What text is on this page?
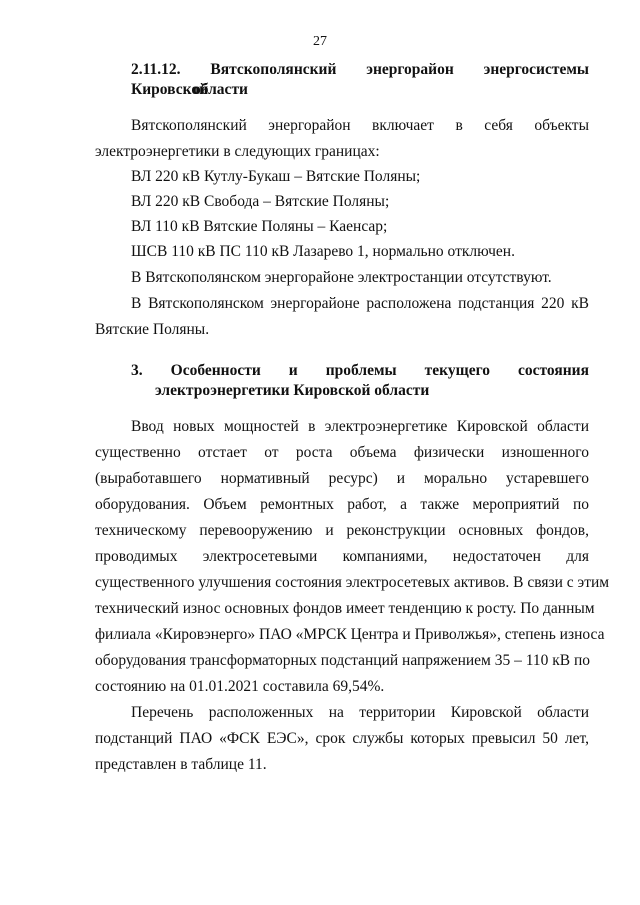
27
2.11.12. Вятскополянский энергорайон энергосистемы Кировской
области
Вятскополянский энергорайон включает в себя объекты
электроэнергетики в следующих границах:
ВЛ 220 кВ Кутлу-Букаш – Вятские Поляны;
ВЛ 220 кВ Свобода – Вятские Поляны;
ВЛ 110 кВ Вятские Поляны – Каенсар;
ШСВ 110 кВ ПС 110 кВ Лазарево 1, нормально отключен.
В Вятскополянском энергорайоне электростанции отсутствуют.
В Вятскополянском энергорайоне расположена подстанция 220 кВ
Вятские Поляны.
3. Особенности и проблемы текущего состояния
электроэнергетики Кировской области
Ввод новых мощностей в электроэнергетике Кировской области
существенно отстает от роста объема физически изношенного
(выработавшего нормативный ресурс) и морально устаревшего
оборудования. Объем ремонтных работ, а также мероприятий по
техническому перевооружению и реконструкции основных фондов,
проводимых электросетевыми компаниями, недостаточен для
существенного улучшения состояния электросетевых активов. В связи с этим
технический износ основных фондов имеет тенденцию к росту. По данным
филиала «Кировэнерго» ПАО «МРСК Центра и Приволжья», степень износа
оборудования трансформаторных подстанций напряжением 35 – 110 кВ по
состоянию на 01.01.2021 составила 69,54%.
Перечень расположенных на территории Кировской области
подстанций ПАО «ФСК ЕЭС», срок службы которых превысил 50 лет,
представлен в таблице 11.
